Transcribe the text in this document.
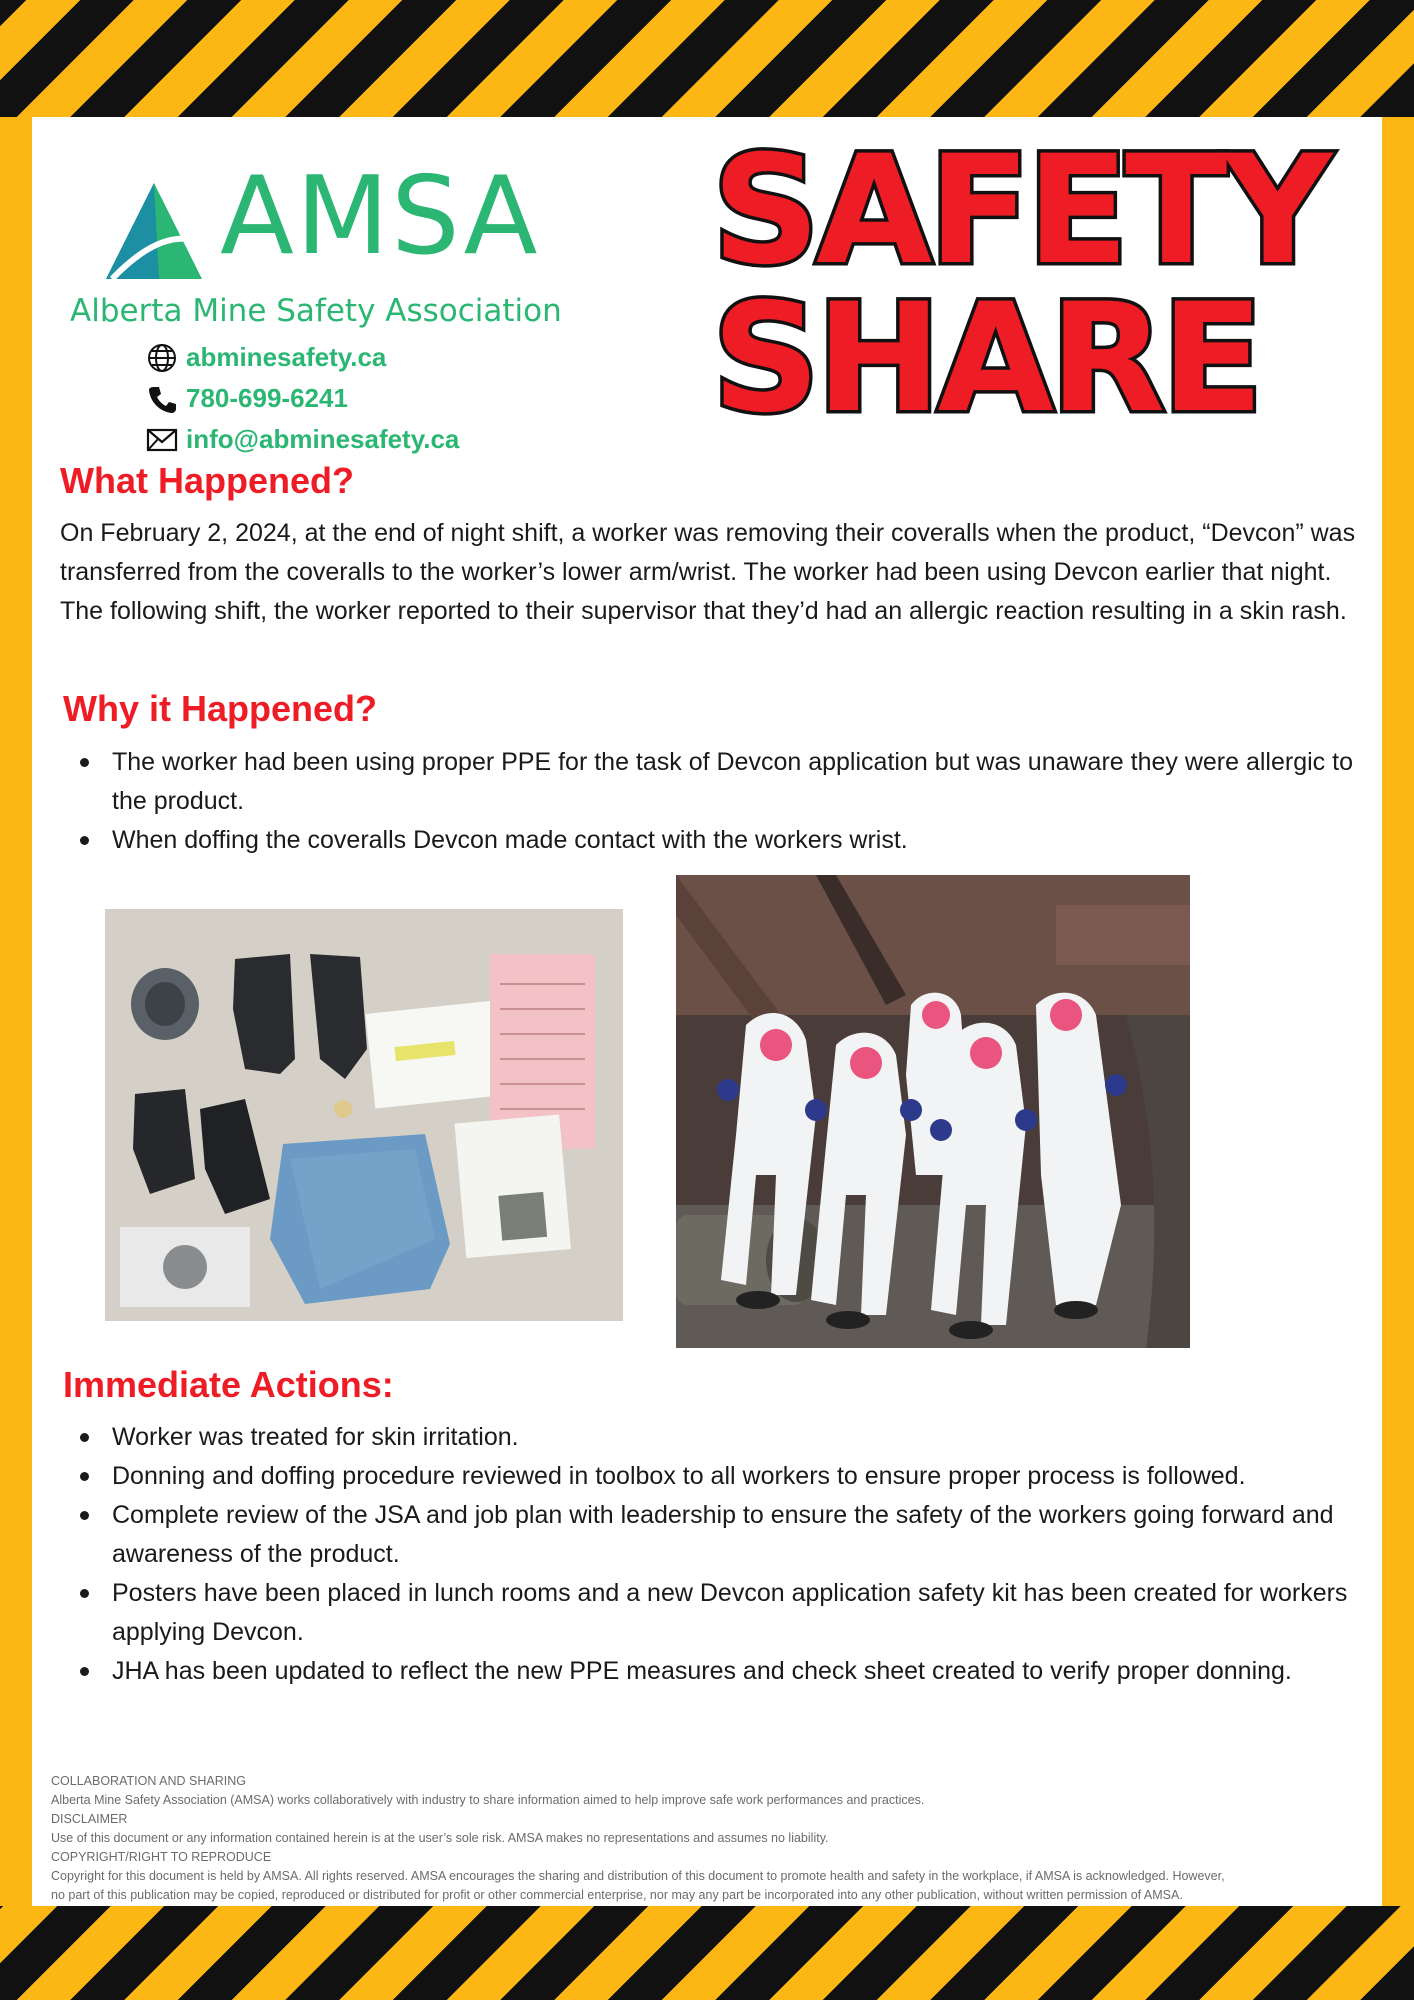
AMSA
Alberta Mine Safety Association
abminesafety.ca
780-699-6241
info@abminesafety.ca
SAFETY
SHARE
What Happened?

On February 2, 2024, at the end of night shift, a worker was removing their coveralls when the product, “Devcon” was transferred from the coveralls to the worker’s lower arm/wrist. The worker had been using Devcon earlier that night. The following shift, the worker reported to their supervisor that they’d had an allergic reaction resulting in a skin rash.

Why it Happened?
The worker had been using proper PPE for the task of Devcon application but was unaware they were allergic to the product.
When doffing the coveralls Devcon made contact with the workers wrist.
Immediate Actions:
Worker was treated for skin irritation.
Donning and doffing procedure reviewed in toolbox to all workers to ensure proper process is followed.
Complete review of the JSA and job plan with leadership to ensure the safety of the workers going forward and awareness of the product.
Posters have been placed in lunch rooms and a new Devcon application safety kit has been created for workers applying Devcon.
JHA has been updated to reflect the new PPE measures and check sheet created to verify proper donning.
COLLABORATION AND SHARING
Alberta Mine Safety Association (AMSA) works collaboratively with industry to share information aimed to help improve safe work performances and practices.
DISCLAIMER
Use of this document or any information contained herein is at the user’s sole risk. AMSA makes no representations and assumes no liability.
COPYRIGHT/RIGHT TO REPRODUCE
Copyright for this document is held by AMSA. All rights reserved. AMSA encourages the sharing and distribution of this document to promote health and safety in the workplace, if AMSA is acknowledged. However,
no part of this publication may be copied, reproduced or distributed for profit or other commercial enterprise, nor may any part be incorporated into any other publication, without written permission of AMSA.
